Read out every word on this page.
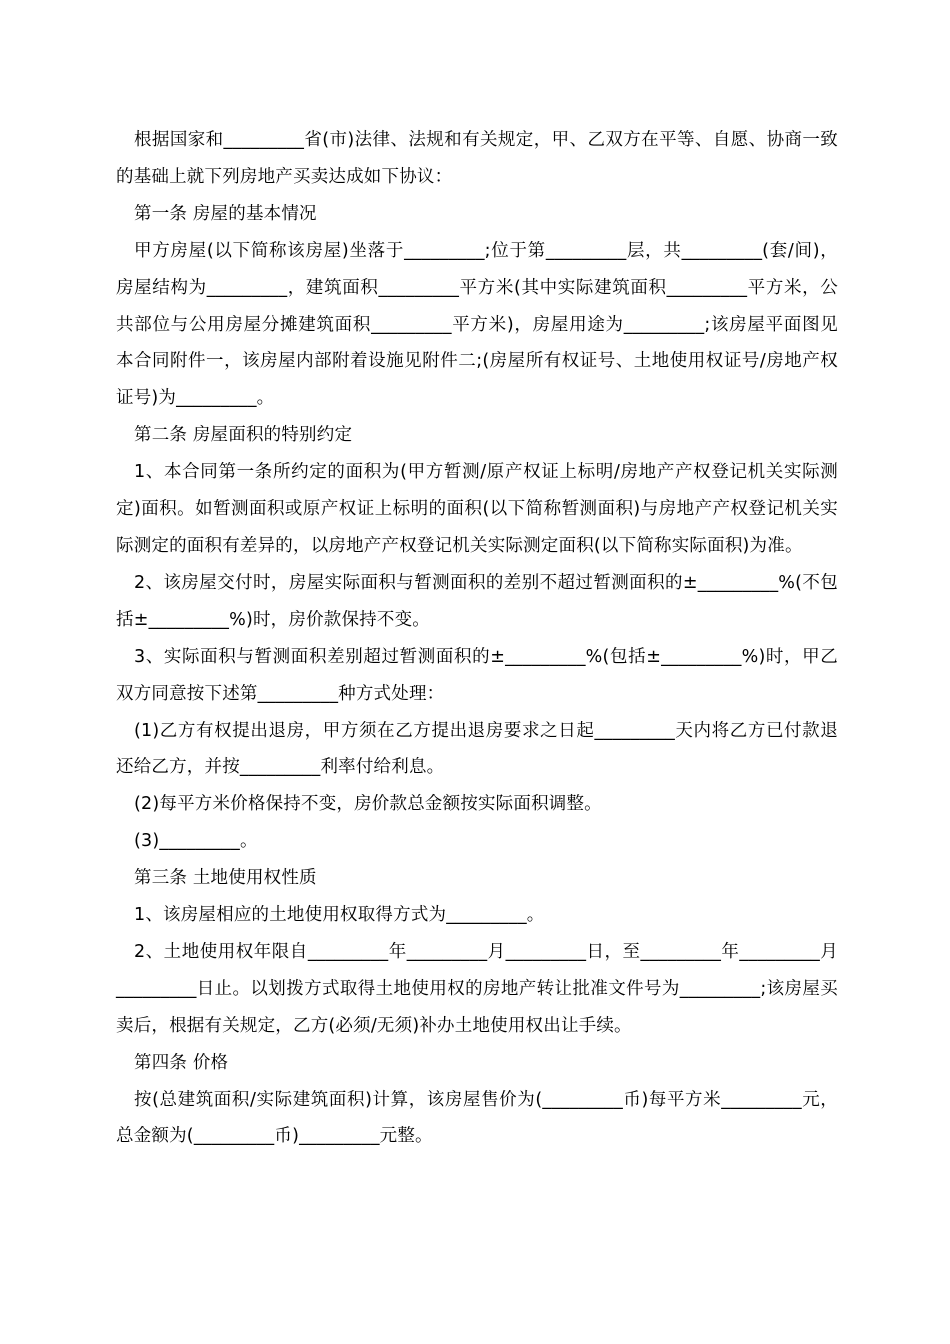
根据国家和_________省(市)法律、法规和有关规定，甲、乙双方在平等、自愿、协商一致的基础上就下列房地产买卖达成如下协议：

第一条 房屋的基本情况

甲方房屋(以下简称该房屋)坐落于_________;位于第_________层，共_________(套/间)，房屋结构为_________，建筑面积_________平方米(其中实际建筑面积_________平方米，公共部位与公用房屋分摊建筑面积_________平方米)，房屋用途为_________;该房屋平面图见本合同附件一，该房屋内部附着设施见附件二;(房屋所有权证号、土地使用权证号/房地产权证号)为_________。

第二条 房屋面积的特别约定

1、本合同第一条所约定的面积为(甲方暂测/原产权证上标明/房地产产权登记机关实际测定)面积。如暂测面积或原产权证上标明的面积(以下简称暂测面积)与房地产产权登记机关实际测定的面积有差异的，以房地产产权登记机关实际测定面积(以下简称实际面积)为准。

2、该房屋交付时，房屋实际面积与暂测面积的差别不超过暂测面积的±_________%(不包括±_________%)时，房价款保持不变。

3、实际面积与暂测面积差别超过暂测面积的±_________%(包括±_________%)时，甲乙双方同意按下述第_________种方式处理：

(1)乙方有权提出退房，甲方须在乙方提出退房要求之日起_________天内将乙方已付款退还给乙方，并按_________利率付给利息。

(2)每平方米价格保持不变，房价款总金额按实际面积调整。

(3)_________。

第三条 土地使用权性质

1、该房屋相应的土地使用权取得方式为_________。

2、土地使用权年限自_________年_________月_________日，至_________年_________月_________日止。以划拨方式取得土地使用权的房地产转让批准文件号为_________;该房屋买卖后，根据有关规定，乙方(必须/无须)补办土地使用权出让手续。

第四条 价格

按(总建筑面积/实际建筑面积)计算，该房屋售价为(_________币)每平方米_________元，总金额为(_________币)_________元整。
